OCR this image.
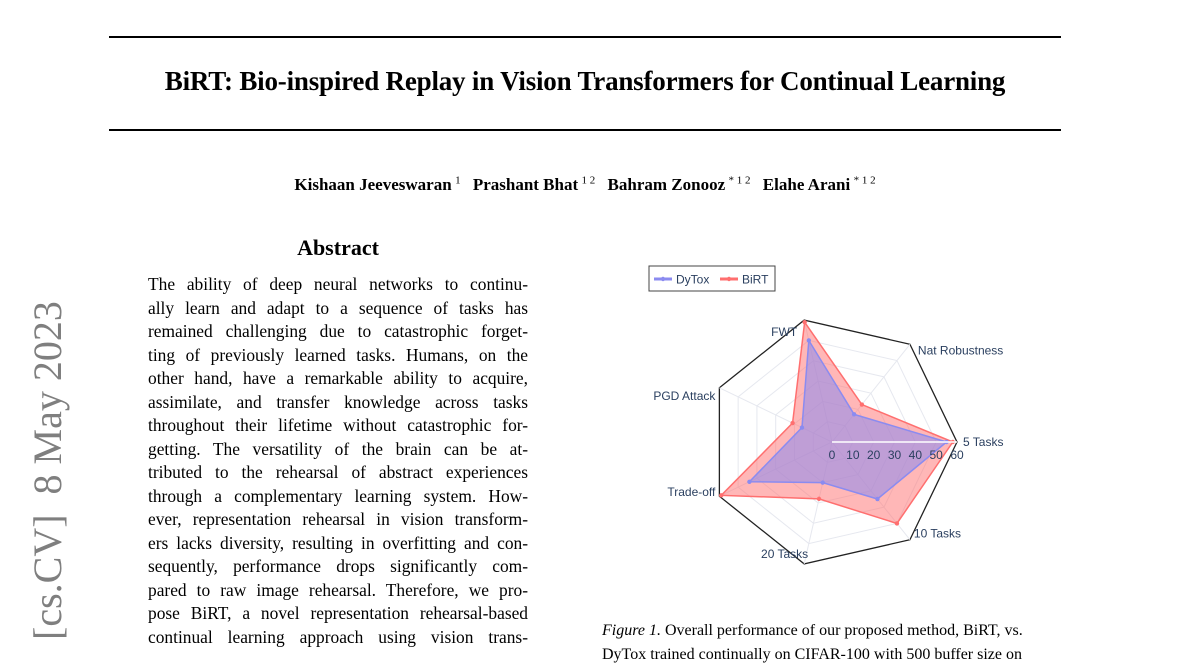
BiRT: Bio-inspired Replay in Vision Transformers for Continual Learning
Kishaan Jeeveswaran  $^1$ Prashant Bhat  $^{1 2}$ Bahram Zonooz  $^{* 1 2}$ Elahe Arani  $^{* 1 2}$
[cs.CV]  8 May 2023
Abstract
The ability of deep neural networks to continu-
ally learn and adapt to a sequence of tasks has
remained challenging due to catastrophic forget-
ting of previously learned tasks. Humans, on the
other hand, have a remarkable ability to acquire,
assimilate, and transfer knowledge across tasks
throughout their lifetime without catastrophic for-
getting. The versatility of the brain can be at-
tributed to the rehearsal of abstract experiences
through a complementary learning system. How-
ever, representation rehearsal in vision transform-
ers lacks diversity, resulting in overfitting and con-
sequently, performance drops significantly com-
pared to raw image rehearsal. Therefore, we pro-
pose BiRT, a novel representation rehearsal-based
continual learning approach using vision trans-
0 10 20 30 40 50 60
5 Tasks
10 Tasks
20 Tasks
Trade-off
PGD Attack
FWT
Nat Robustness
DyTox	BiRT
Figure 1. Overall performance of our proposed method, BiRT, vs.
DyTox trained continually on CIFAR-100 with 500 buffer size on
